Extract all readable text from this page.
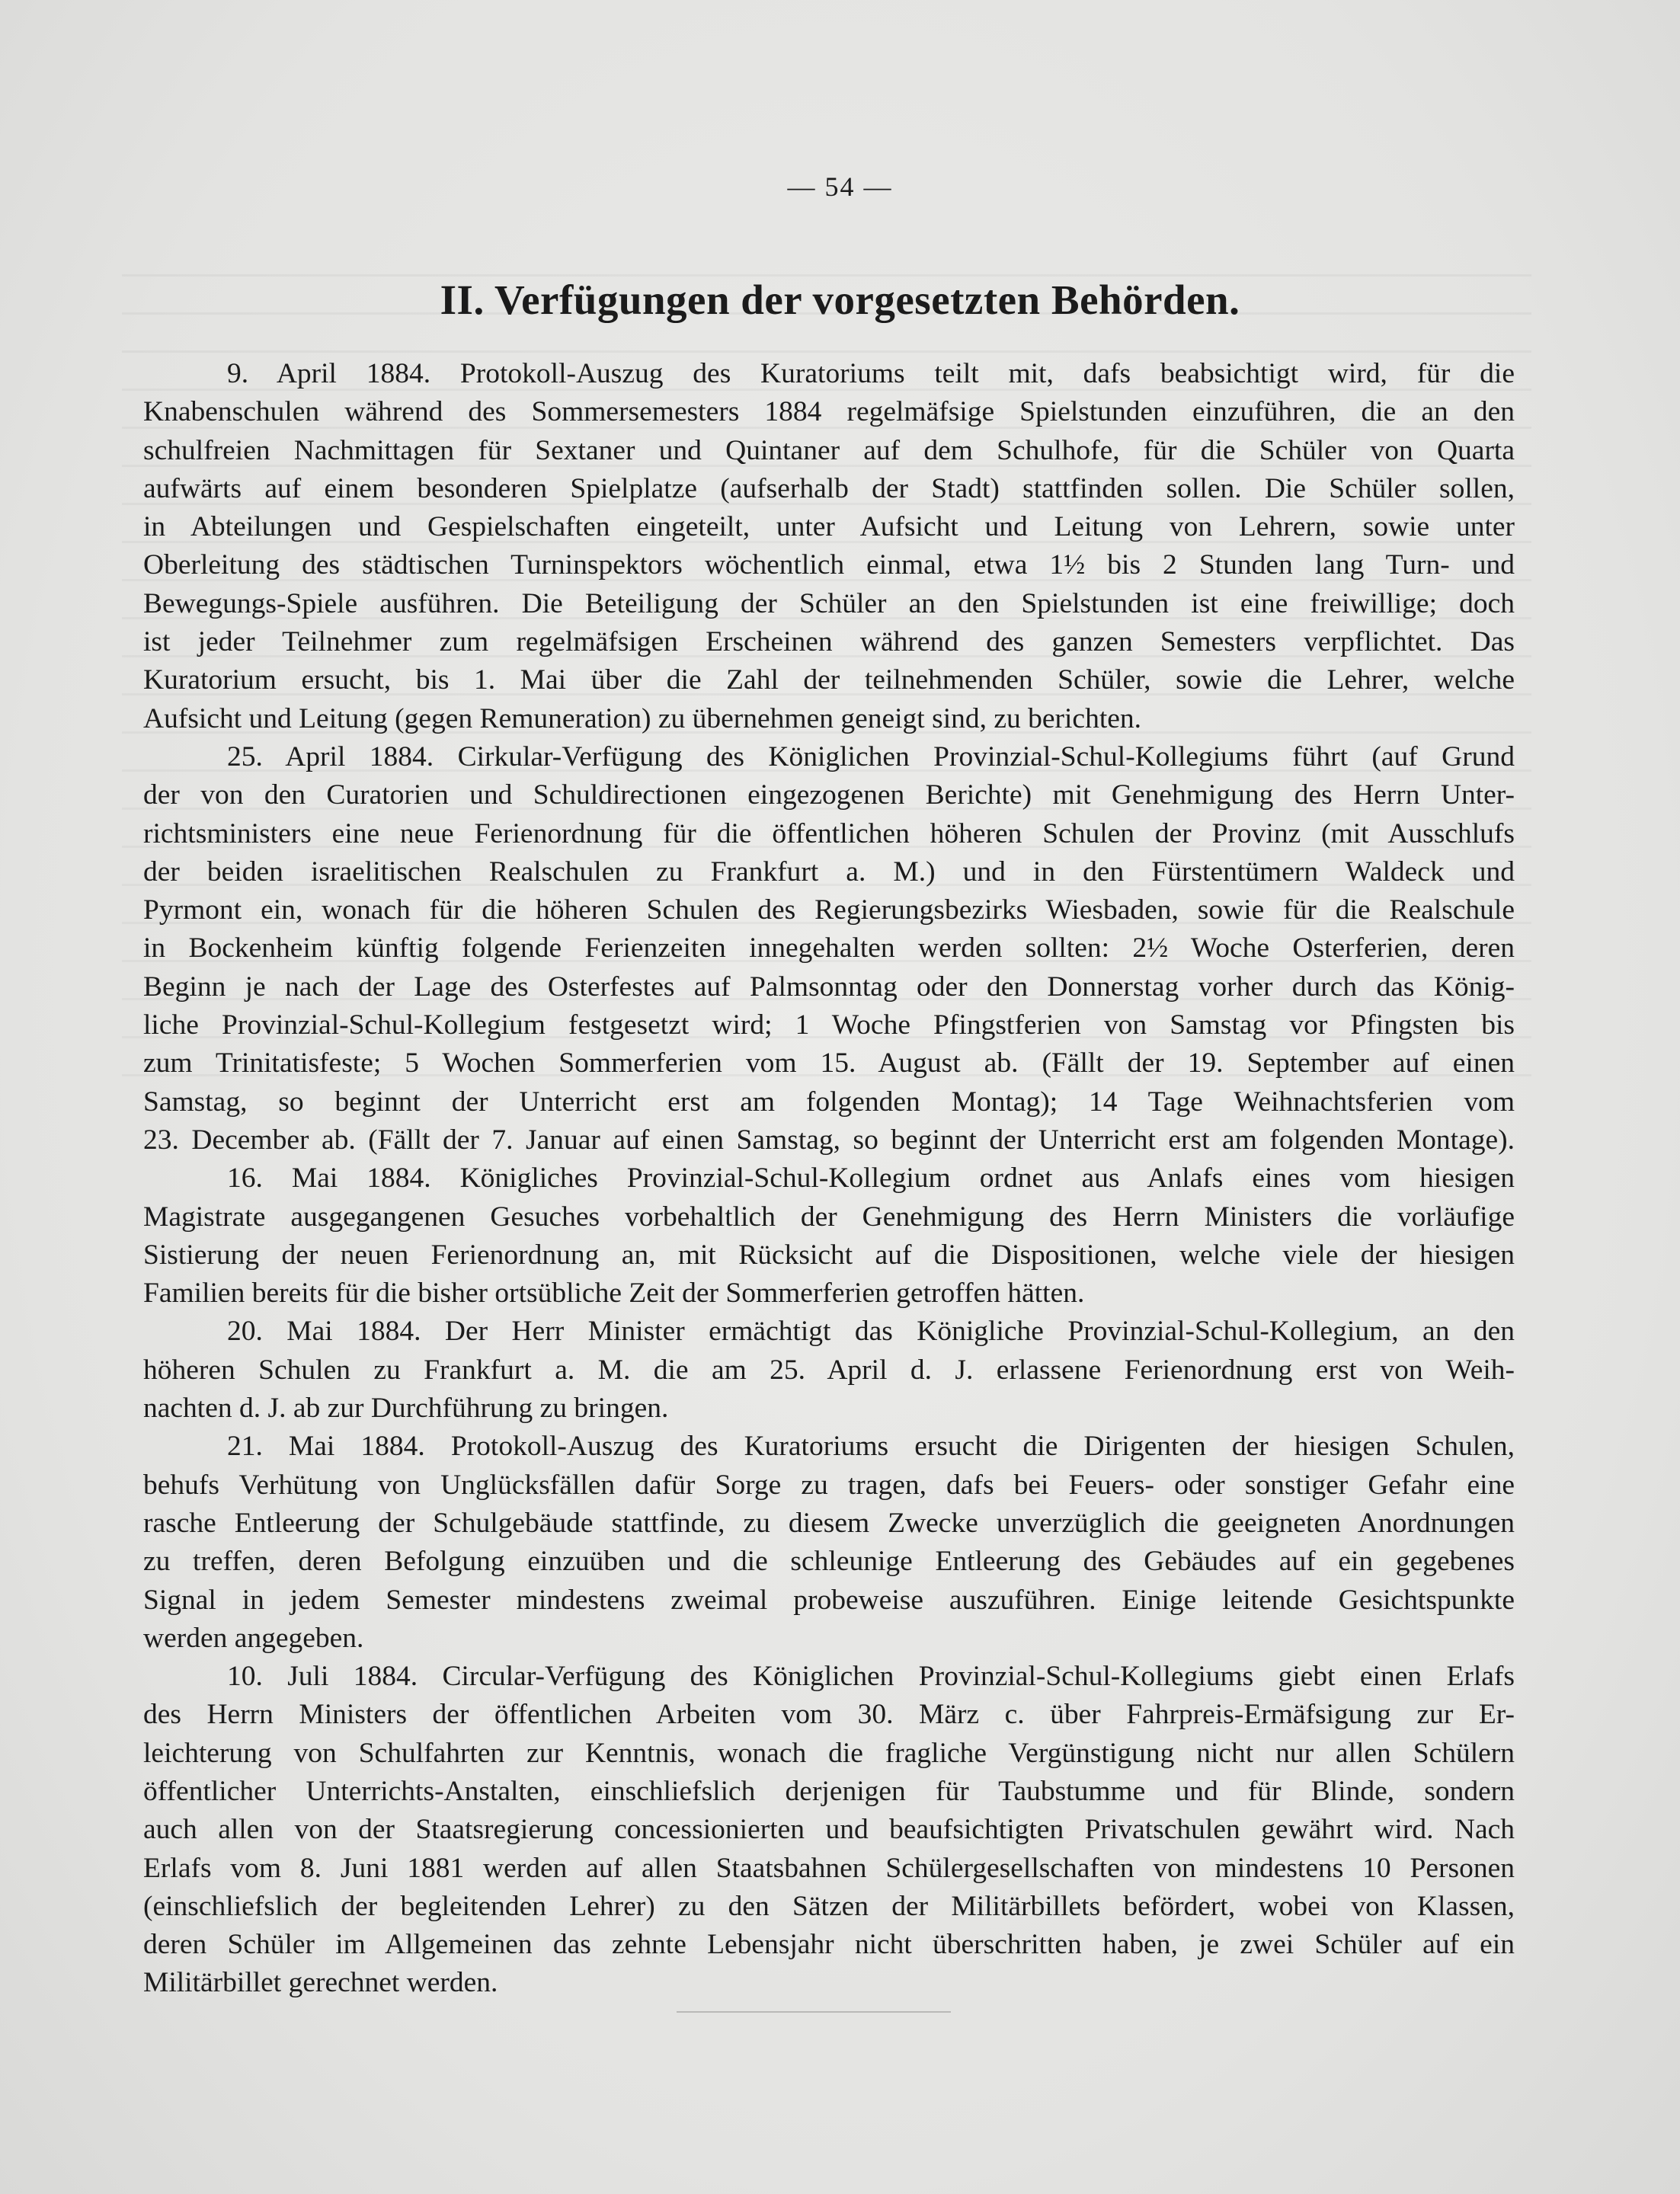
— 54 —
II. Verfügungen der vorgesetzten Behörden.
9. April 1884. Protokoll-Auszug des Kuratoriums teilt mit, dafs beabsichtigt wird, für die
Knabenschulen während des Sommersemesters 1884 regelmäfsige Spielstunden einzuführen, die an den
schulfreien Nachmittagen für Sextaner und Quintaner auf dem Schulhofe, für die Schüler von Quarta
aufwärts auf einem besonderen Spielplatze (aufserhalb der Stadt) stattfinden sollen. Die Schüler sollen,
in Abteilungen und Gespielschaften eingeteilt, unter Aufsicht und Leitung von Lehrern, sowie unter
Oberleitung des städtischen Turninspektors wöchentlich einmal, etwa 1½ bis 2 Stunden lang Turn- und
Bewegungs-Spiele ausführen. Die Beteiligung der Schüler an den Spielstunden ist eine freiwillige; doch
ist jeder Teilnehmer zum regelmäfsigen Erscheinen während des ganzen Semesters verpflichtet. Das
Kuratorium ersucht, bis 1. Mai über die Zahl der teilnehmenden Schüler, sowie die Lehrer, welche
Aufsicht und Leitung (gegen Remuneration) zu übernehmen geneigt sind, zu berichten.
25. April 1884. Cirkular-Verfügung des Königlichen Provinzial-Schul-Kollegiums führt (auf Grund
der von den Curatorien und Schuldirectionen eingezogenen Berichte) mit Genehmigung des Herrn Unter-
richtsministers eine neue Ferienordnung für die öffentlichen höheren Schulen der Provinz (mit Ausschlufs
der beiden israelitischen Realschulen zu Frankfurt a. M.) und in den Fürstentümern Waldeck und
Pyrmont ein, wonach für die höheren Schulen des Regierungsbezirks Wiesbaden, sowie für die Realschule
in Bockenheim künftig folgende Ferienzeiten innegehalten werden sollten: 2½ Woche Osterferien, deren
Beginn je nach der Lage des Osterfestes auf Palmsonntag oder den Donnerstag vorher durch das König-
liche Provinzial-Schul-Kollegium festgesetzt wird; 1 Woche Pfingstferien von Samstag vor Pfingsten bis
zum Trinitatisfeste; 5 Wochen Sommerferien vom 15. August ab. (Fällt der 19. September auf einen
Samstag, so beginnt der Unterricht erst am folgenden Montag); 14 Tage Weihnachtsferien vom
23. December ab. (Fällt der 7. Januar auf einen Samstag, so beginnt der Unterricht erst am folgenden Montage).
16. Mai 1884. Königliches Provinzial-Schul-Kollegium ordnet aus Anlafs eines vom hiesigen
Magistrate ausgegangenen Gesuches vorbehaltlich der Genehmigung des Herrn Ministers die vorläufige
Sistierung der neuen Ferienordnung an, mit Rücksicht auf die Dispositionen, welche viele der hiesigen
Familien bereits für die bisher ortsübliche Zeit der Sommerferien getroffen hätten.
20. Mai 1884. Der Herr Minister ermächtigt das Königliche Provinzial-Schul-Kollegium, an den
höheren Schulen zu Frankfurt a. M. die am 25. April d. J. erlassene Ferienordnung erst von Weih-
nachten d. J. ab zur Durchführung zu bringen.
21. Mai 1884. Protokoll-Auszug des Kuratoriums ersucht die Dirigenten der hiesigen Schulen,
behufs Verhütung von Unglücksfällen dafür Sorge zu tragen, dafs bei Feuers- oder sonstiger Gefahr eine
rasche Entleerung der Schulgebäude stattfinde, zu diesem Zwecke unverzüglich die geeigneten Anordnungen
zu treffen, deren Befolgung einzuüben und die schleunige Entleerung des Gebäudes auf ein gegebenes
Signal in jedem Semester mindestens zweimal probeweise auszuführen. Einige leitende Gesichtspunkte
werden angegeben.
10. Juli 1884. Circular-Verfügung des Königlichen Provinzial-Schul-Kollegiums giebt einen Erlafs
des Herrn Ministers der öffentlichen Arbeiten vom 30. März c. über Fahrpreis-Ermäfsigung zur Er-
leichterung von Schulfahrten zur Kenntnis, wonach die fragliche Vergünstigung nicht nur allen Schülern
öffentlicher Unterrichts-Anstalten, einschliefslich derjenigen für Taubstumme und für Blinde, sondern
auch allen von der Staatsregierung concessionierten und beaufsichtigten Privatschulen gewährt wird. Nach
Erlafs vom 8. Juni 1881 werden auf allen Staatsbahnen Schülergesellschaften von mindestens 10 Personen
(einschliefslich der begleitenden Lehrer) zu den Sätzen der Militärbillets befördert, wobei von Klassen,
deren Schüler im Allgemeinen das zehnte Lebensjahr nicht überschritten haben, je zwei Schüler auf ein
Militärbillet gerechnet werden.
